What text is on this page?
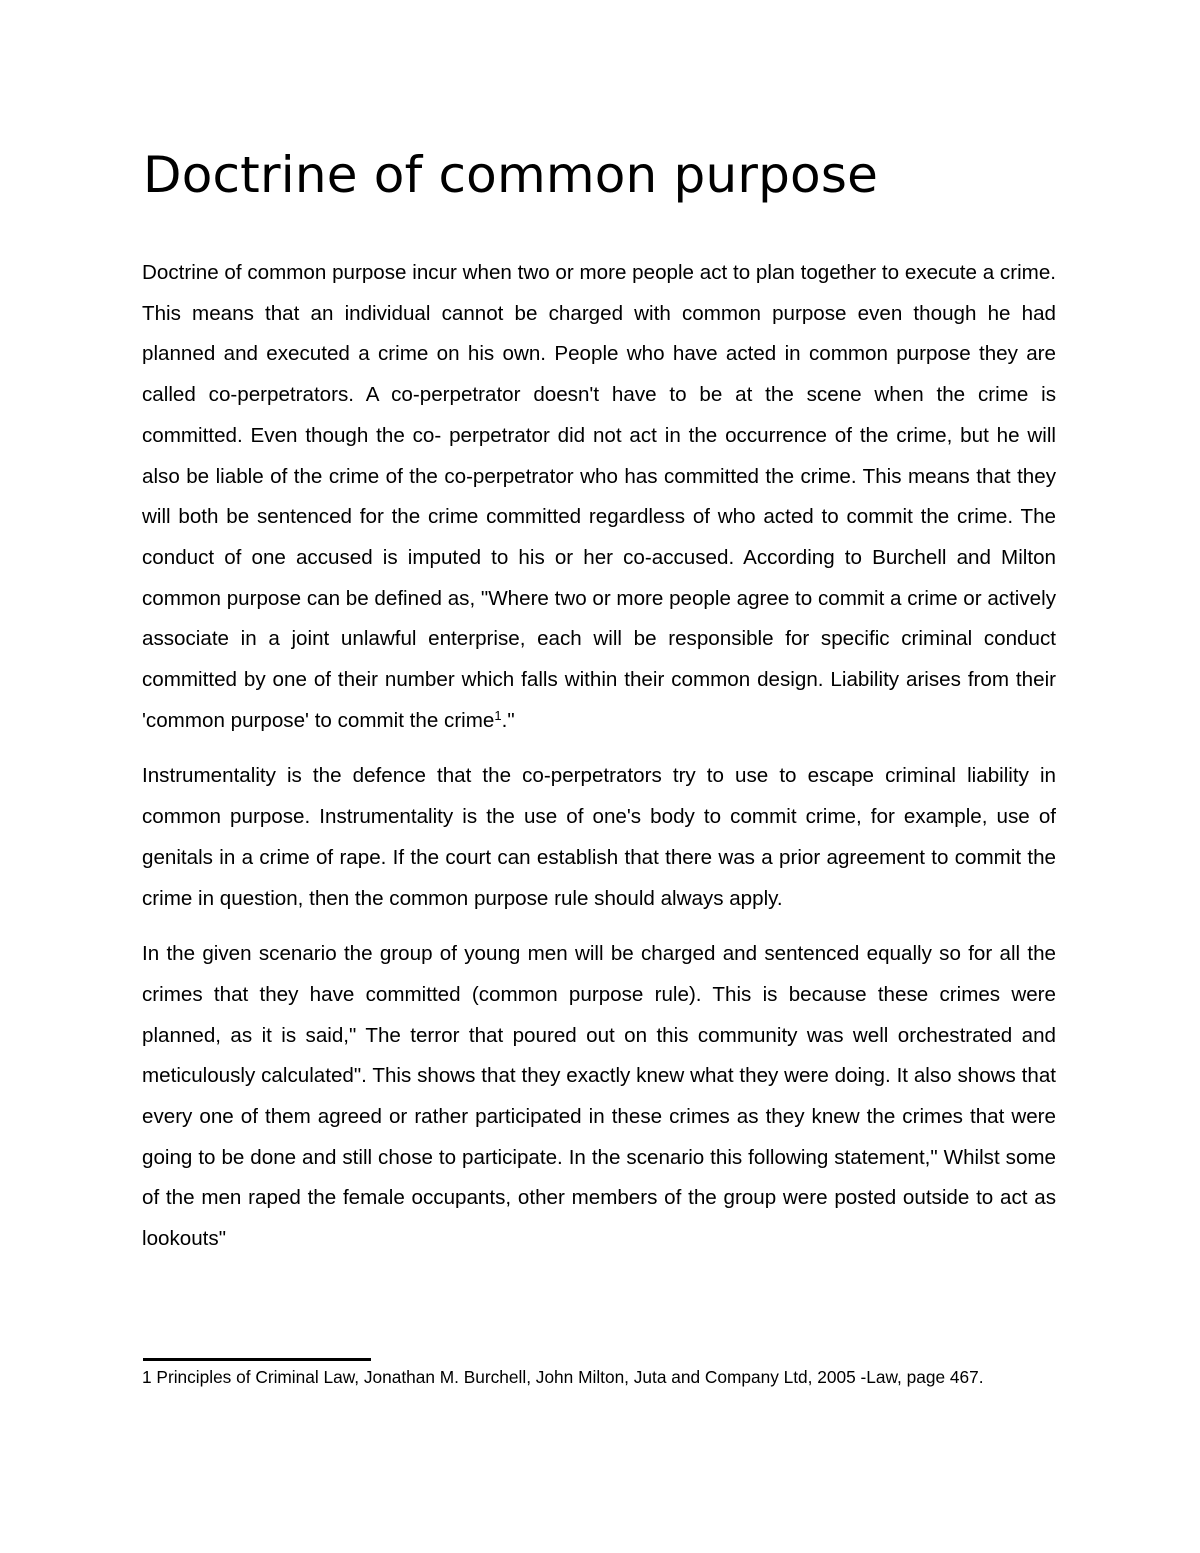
Doctrine of common purpose

Doctrine of common purpose incur when two or more people act to plan together to execute a crime. This means that an individual cannot be charged with common purpose even though he had planned and executed a crime on his own. People who have acted in common purpose they are called co-perpetrators. A co-perpetrator doesn't have to be at the scene when the crime is committed. Even though the co- perpetrator did not act in the occurrence of the crime, but he will also be liable of the crime of the co-perpetrator who has committed the crime. This means that they will both be sentenced for the crime committed regardless of who acted to commit the crime. The conduct of one accused is imputed to his or her co-accused. According to Burchell and Milton common purpose can be defined as, "Where two or more people agree to commit a crime or actively associate in a joint unlawful enterprise, each will be responsible for specific criminal conduct committed by one of their number which falls within their common design. Liability arises from their 'common purpose' to commit the crime$^1$."

Instrumentality is the defence that the co-perpetrators try to use to escape criminal liability in common purpose. Instrumentality is the use of one's body to commit crime, for example, use of genitals in a crime of rape. If the court can establish that there was a prior agreement to commit the crime in question, then the common purpose rule should always apply.

In the given scenario the group of young men will be charged and sentenced equally so for all the crimes that they have committed (common purpose rule). This is because these crimes were planned, as it is said," The terror that poured out on this community was well orchestrated and meticulously calculated". This shows that they exactly knew what they were doing. It also shows that every one of them agreed or rather participated in these crimes as they knew the crimes that were going to be done and still chose to participate. In the scenario this following statement," Whilst some of the men raped the female occupants, other members of the group were posted outside to act as lookouts"

1 Principles of Criminal Law, Jonathan M. Burchell, John Milton, Juta and Company Ltd, 2005 -Law, page 467.
